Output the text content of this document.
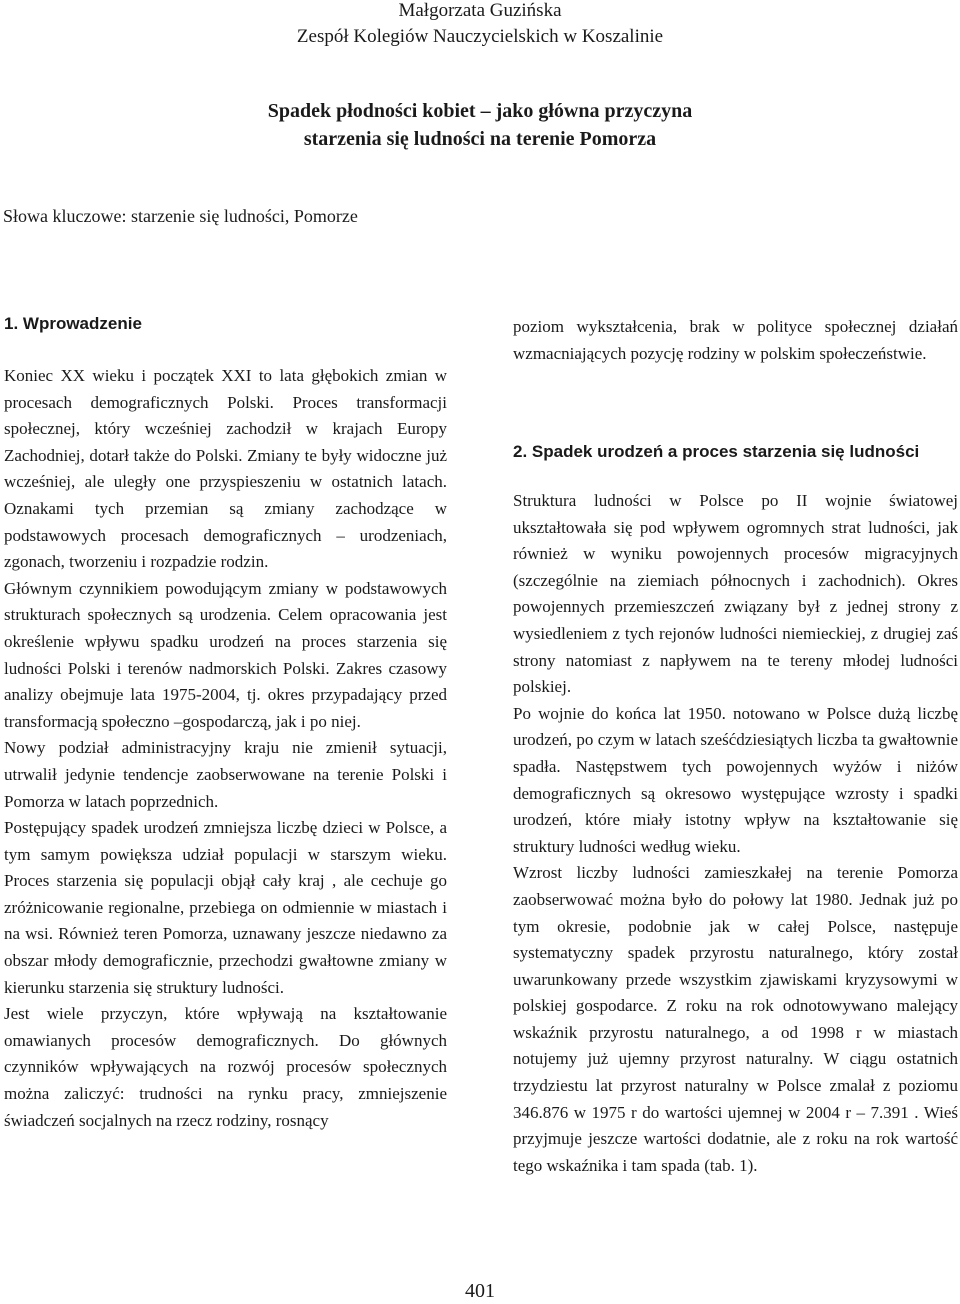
Małgorzata Guzińska
Zespół Kolegiów Nauczycielskich w Koszalinie
Spadek płodności kobiet – jako główna przyczyna
starzenia się ludności na terenie Pomorza
Słowa kluczowe: starzenie się ludności, Pomorze
1. Wprowadzenie

Koniec XX wieku i początek XXI to lata głębokich zmian w procesach demograficznych Polski. Proces transformacji społecznej, który wcześniej zachodził w krajach Europy Zachodniej, dotarł także do Polski. Zmiany te były widoczne już wcześniej, ale uległy one przyspieszeniu w ostatnich latach. Oznakami tych przemian są zmiany zachodzące w podstawowych procesach demograficznych – urodzeniach, zgonach, tworzeniu i rozpadzie rodzin.

Głównym czynnikiem powodującym zmiany w podstawowych strukturach społecznych są urodzenia. Celem opracowania jest określenie wpływu spadku urodzeń na proces starzenia się ludności Polski i terenów nadmorskich Polski. Zakres czasowy analizy obejmuje lata 1975-2004, tj. okres przypadający przed transformacją społeczno –gospodarczą, jak i po niej.

Nowy podział administracyjny kraju nie zmienił sytuacji, utrwalił jedynie tendencje zaobserwowane na terenie Polski i Pomorza w latach poprzednich.

Postępujący spadek urodzeń zmniejsza liczbę dzieci w Polsce, a tym samym powiększa udział populacji w starszym wieku. Proces starzenia się populacji objął cały kraj , ale cechuje go zróżnicowanie regionalne, przebiega on odmiennie w miastach i na wsi. Również teren Pomorza, uznawany jeszcze niedawno za obszar młody demograficznie, przechodzi gwałtowne zmiany w kierunku starzenia się struktury ludności.

Jest wiele przyczyn, które wpływają na kształtowanie omawianych procesów demograficznych. Do głównych czynników wpływających na rozwój procesów społecznych można zaliczyć: trudności na rynku pracy, zmniejszenie świadczeń socjalnych na rzecz rodziny, rosnący

poziom wykształcenia, brak w polityce społecznej działań wzmacniających pozycję rodziny w polskim społeczeństwie.

2. Spadek urodzeń a proces starzenia się ludności

Struktura ludności w Polsce po II wojnie światowej ukształtowała się pod wpływem ogromnych strat ludności, jak również w wyniku powojennych procesów migracyjnych (szczególnie na ziemiach północnych i zachodnich). Okres powojennych przemieszczeń związany był z jednej strony z wysiedleniem z tych rejonów ludności niemieckiej, z drugiej zaś strony natomiast z napływem na te tereny młodej ludności polskiej.

Po wojnie do końca lat 1950. notowano w Polsce dużą liczbę urodzeń, po czym w latach sześćdziesiątych liczba ta gwałtownie spadła. Następstwem tych powojennych wyżów i niżów demograficznych są okresowo występujące wzrosty i spadki urodzeń, które miały istotny wpływ na kształtowanie się struktury ludności według wieku.

Wzrost liczby ludności zamieszkałej na terenie Pomorza zaobserwować można było do połowy lat 1980. Jednak już po tym okresie, podobnie jak w całej Polsce, następuje systematyczny spadek przyrostu naturalnego, który został uwarunkowany przede wszystkim zjawiskami kryzysowymi w polskiej gospodarce. Z roku na rok odnotowywano malejący wskaźnik przyrostu naturalnego, a od 1998 r w miastach notujemy już ujemny przyrost naturalny. W ciągu ostatnich trzydziestu lat przyrost naturalny w Polsce zmalał z poziomu 346.876 w 1975 r do wartości ujemnej w 2004 r – 7.391 . Wieś przyjmuje jeszcze wartości dodatnie, ale z roku na rok wartość tego wskaźnika i tam spada (tab. 1).

401
